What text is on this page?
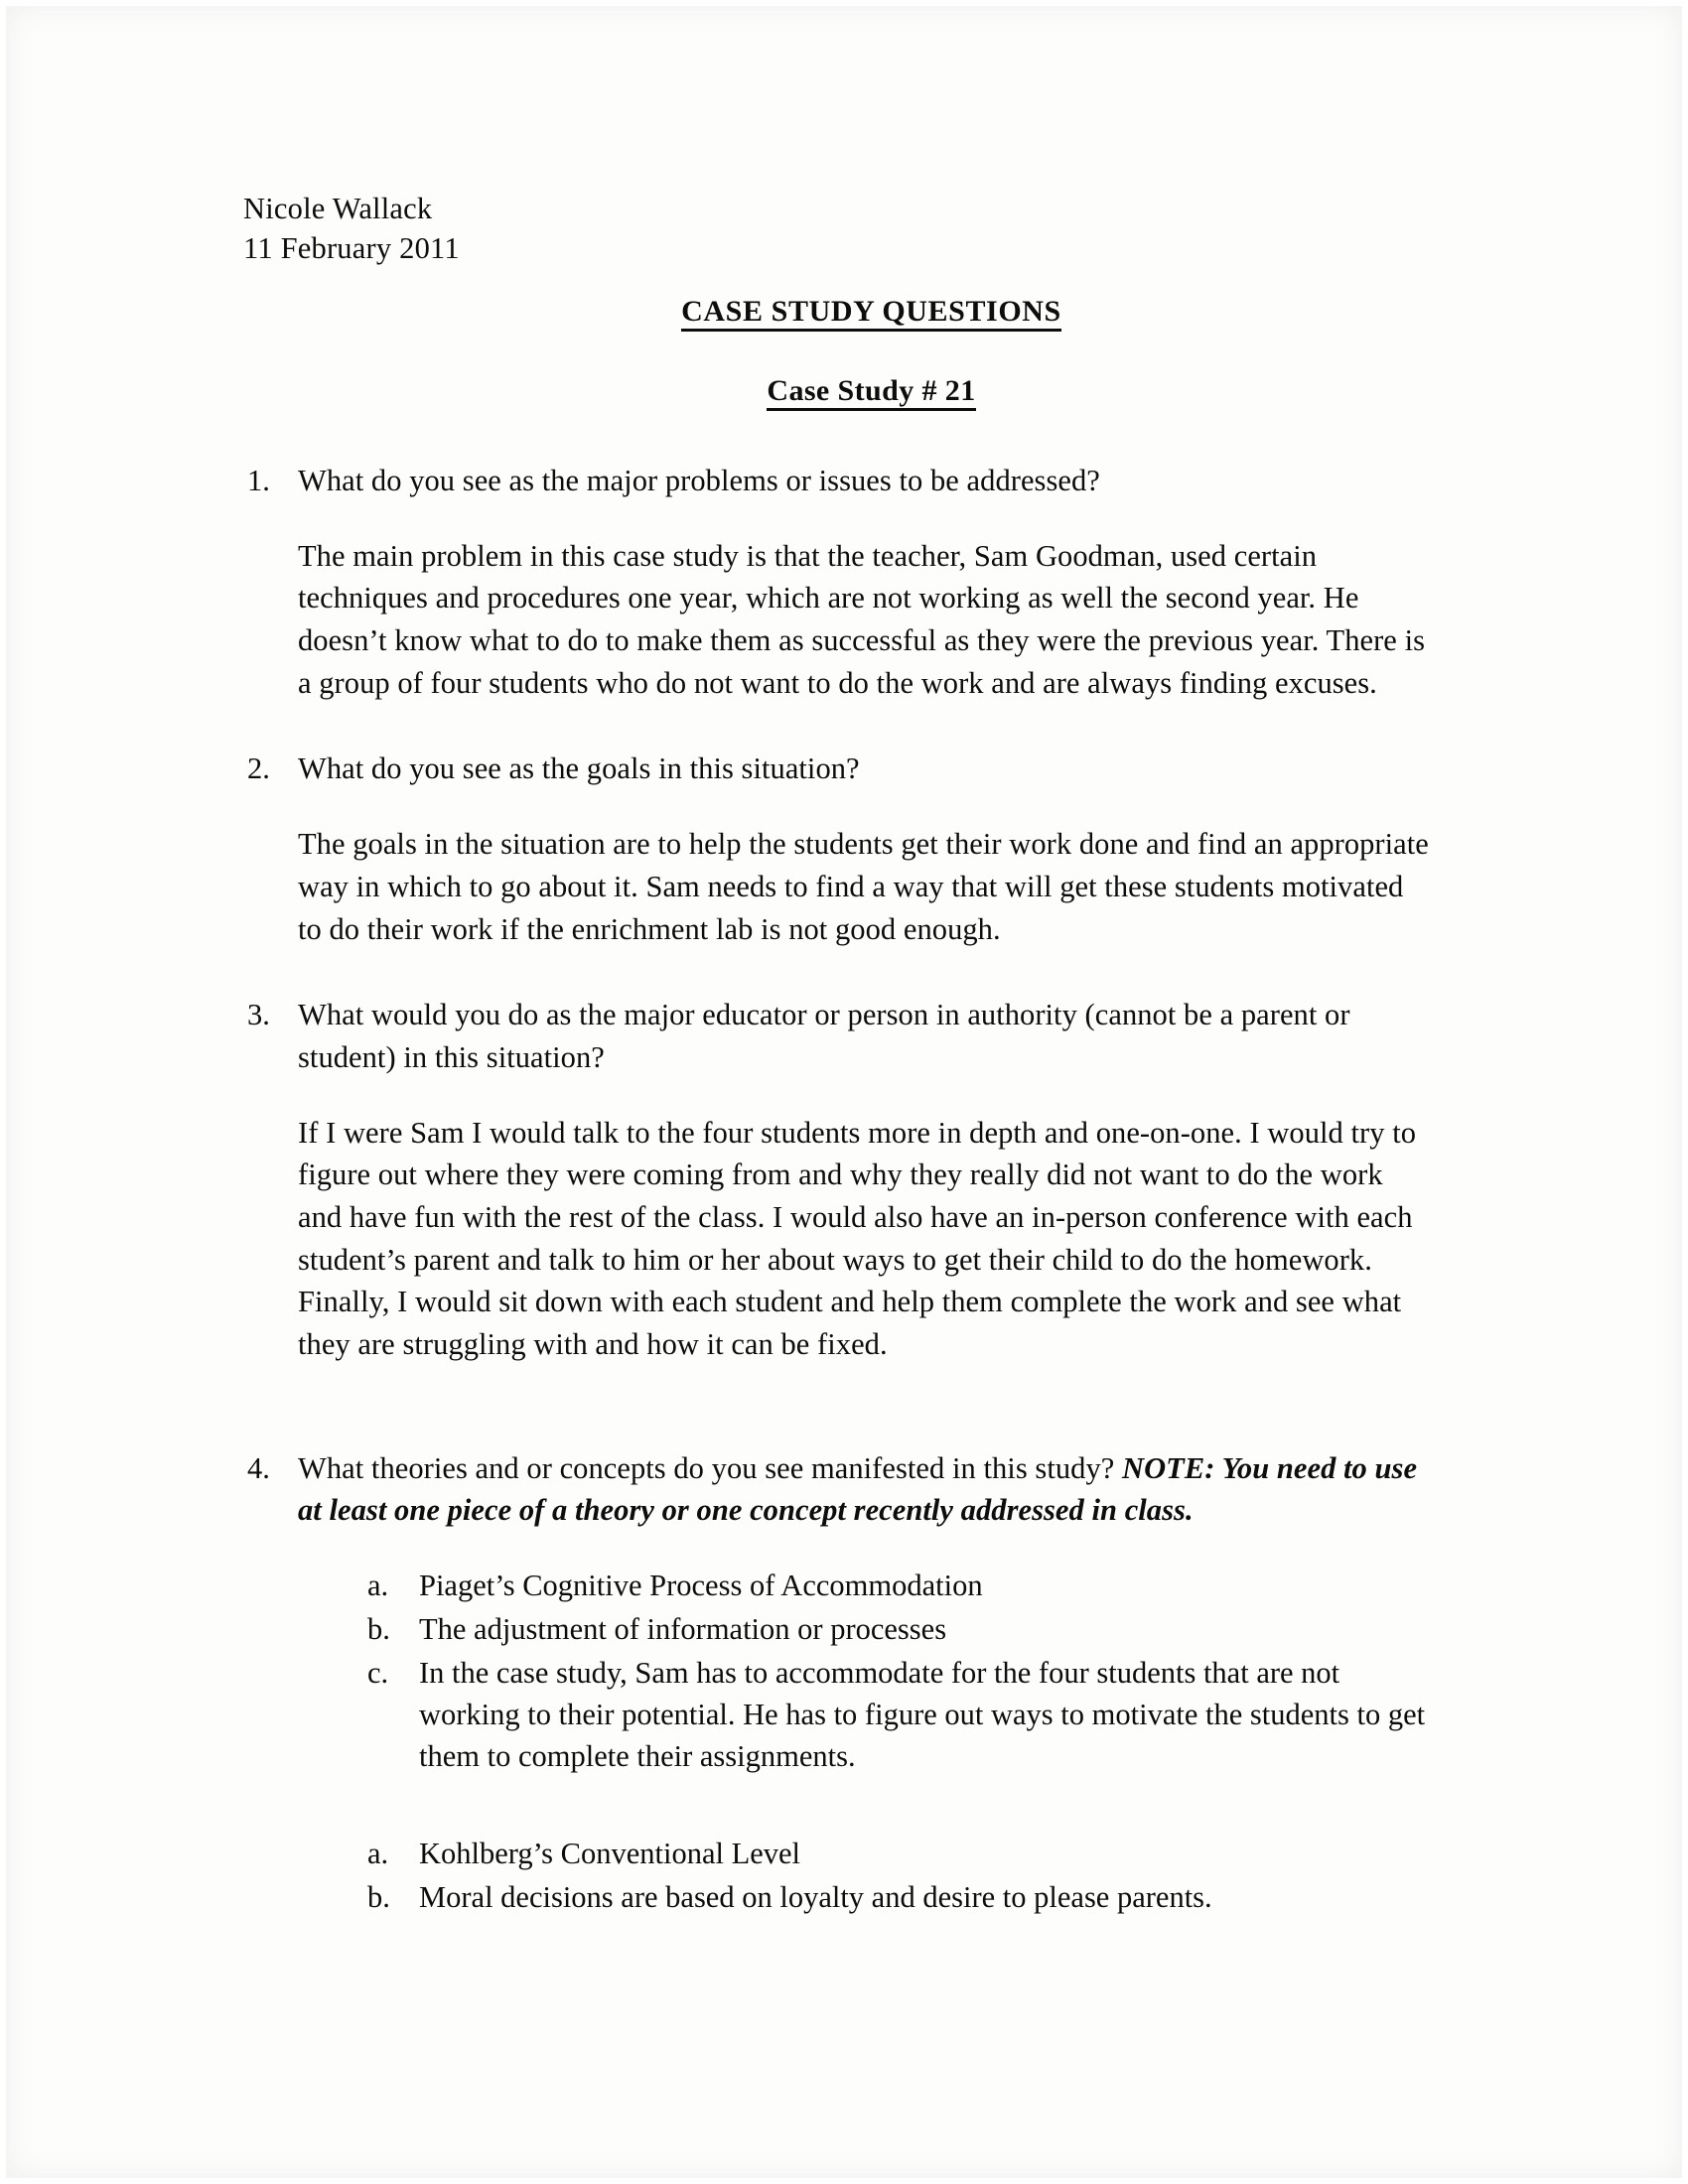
Nicole Wallack
11 February 2011
CASE STUDY QUESTIONS
Case Study # 21
1. What do you see as the major problems or issues to be addressed?
The main problem in this case study is that the teacher, Sam Goodman, used certain techniques and procedures one year, which are not working as well the second year. He doesn’t know what to do to make them as successful as they were the previous year. There is a group of four students who do not want to do the work and are always finding excuses.
2. What do you see as the goals in this situation?
The goals in the situation are to help the students get their work done and find an appropriate way in which to go about it. Sam needs to find a way that will get these students motivated to do their work if the enrichment lab is not good enough.
3. What would you do as the major educator or person in authority (cannot be a parent or student) in this situation?
If I were Sam I would talk to the four students more in depth and one-on-one. I would try to figure out where they were coming from and why they really did not want to do the work and have fun with the rest of the class. I would also have an in-person conference with each student’s parent and talk to him or her about ways to get their child to do the homework. Finally, I would sit down with each student and help them complete the work and see what they are struggling with and how it can be fixed.
4. What theories and or concepts do you see manifested in this study? NOTE: You need to use at least one piece of a theory or one concept recently addressed in class.
a. Piaget’s Cognitive Process of Accommodation
b. The adjustment of information or processes
c. In the case study, Sam has to accommodate for the four students that are not working to their potential. He has to figure out ways to motivate the students to get them to complete their assignments.
a. Kohlberg’s Conventional Level
b. Moral decisions are based on loyalty and desire to please parents.
